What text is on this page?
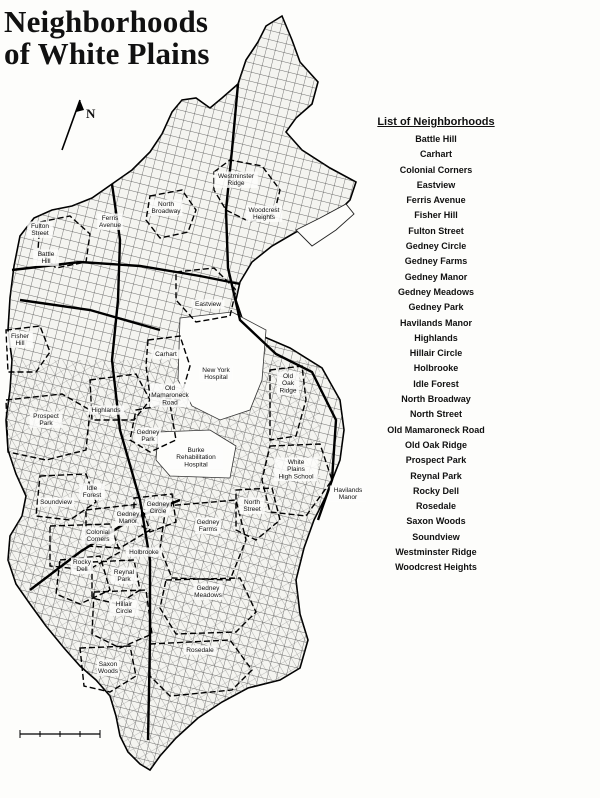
N
Westminster Ridge
North Broadway	Woodcrest Heights
Fulton Street
Ferris Avenue
Battle Hill
Eastview
Fisher Hill
Carhart
New York Hospital
Old Mamaroneck Road
Old Oak Ridge
Prospect Park
Highlands
Gedney Park
Burke Rehabilitation Hospital	White Plains High School
Idle Forest
Soundview
Havilands Manor
Gedney Circle
North Street
Gedney Manor	Gedney Farms
Colonial Corners
Holbrooke
Rocky Dell	Reynal Park
Gedney Meadows
Hillair Circle
Saxon Woods
Rosedale
Neighborhoods
of White Plains
List of Neighborhoods
Battle Hill
Carhart
Colonial Corners
Eastview
Ferris Avenue
Fisher Hill
Fulton Street
Gedney Circle
Gedney Farms
Gedney Manor
Gedney Meadows
Gedney Park
Havilands Manor
Highlands
Hillair Circle
Holbrooke
Idle Forest
North Broadway
North Street
Old Mamaroneck Road
Old Oak Ridge
Prospect Park
Reynal Park
Rocky Dell
Rosedale
Saxon Woods
Soundview
Westminster Ridge
Woodcrest Heights
